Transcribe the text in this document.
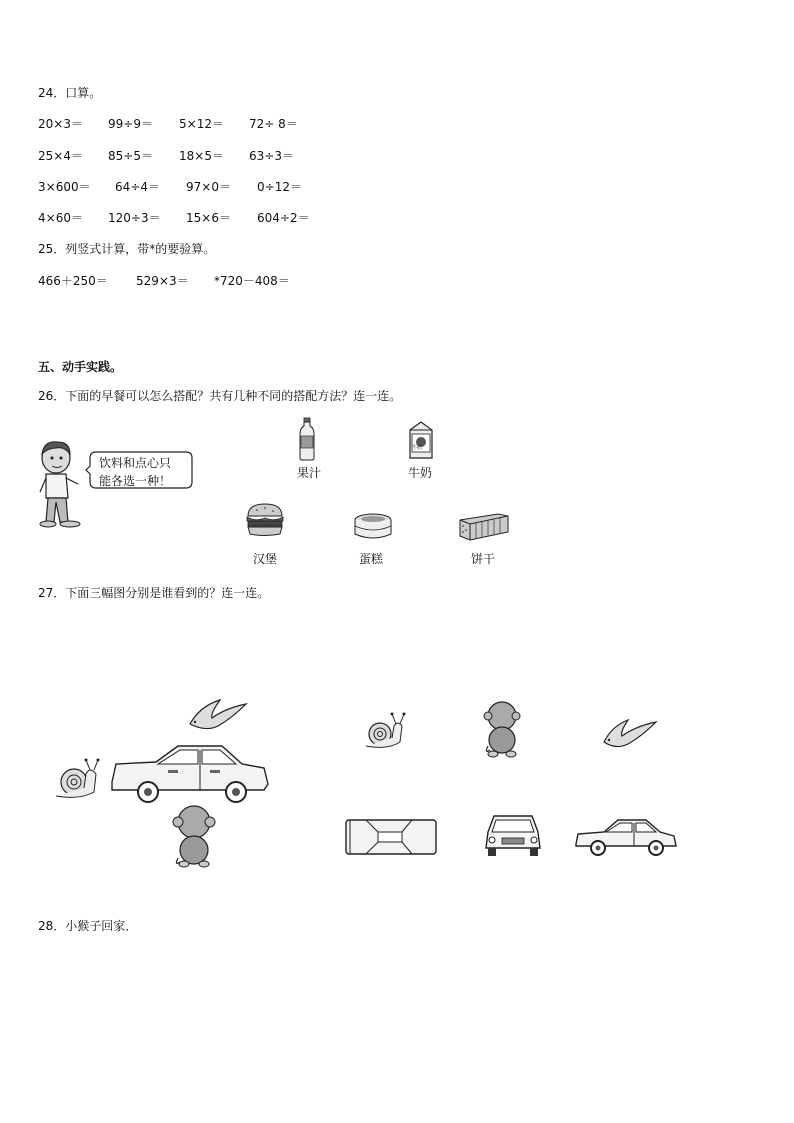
24．口算。
20×3＝ 99÷9＝ 5×12＝ 72÷ 8＝
25×4＝ 85÷5＝ 18×5＝ 63÷3＝
3×600＝ 64÷4＝ 97×0＝ 0÷12＝
4×60＝ 120÷3＝ 15×6＝ 604÷2＝
25．列竖式计算，带*的要验算。
466＋250＝ 529×3＝ *720－408＝
五、动手实践。
26．下面的早餐可以怎么搭配？共有几种不同的搭配方法？连一连。
饮料和点心只
能各选一种！
果汁
牛奶
牛奶
汉堡	蛋糕	饼干
27．下面三幅图分别是谁看到的？连一连。
28．小猴子回家．
